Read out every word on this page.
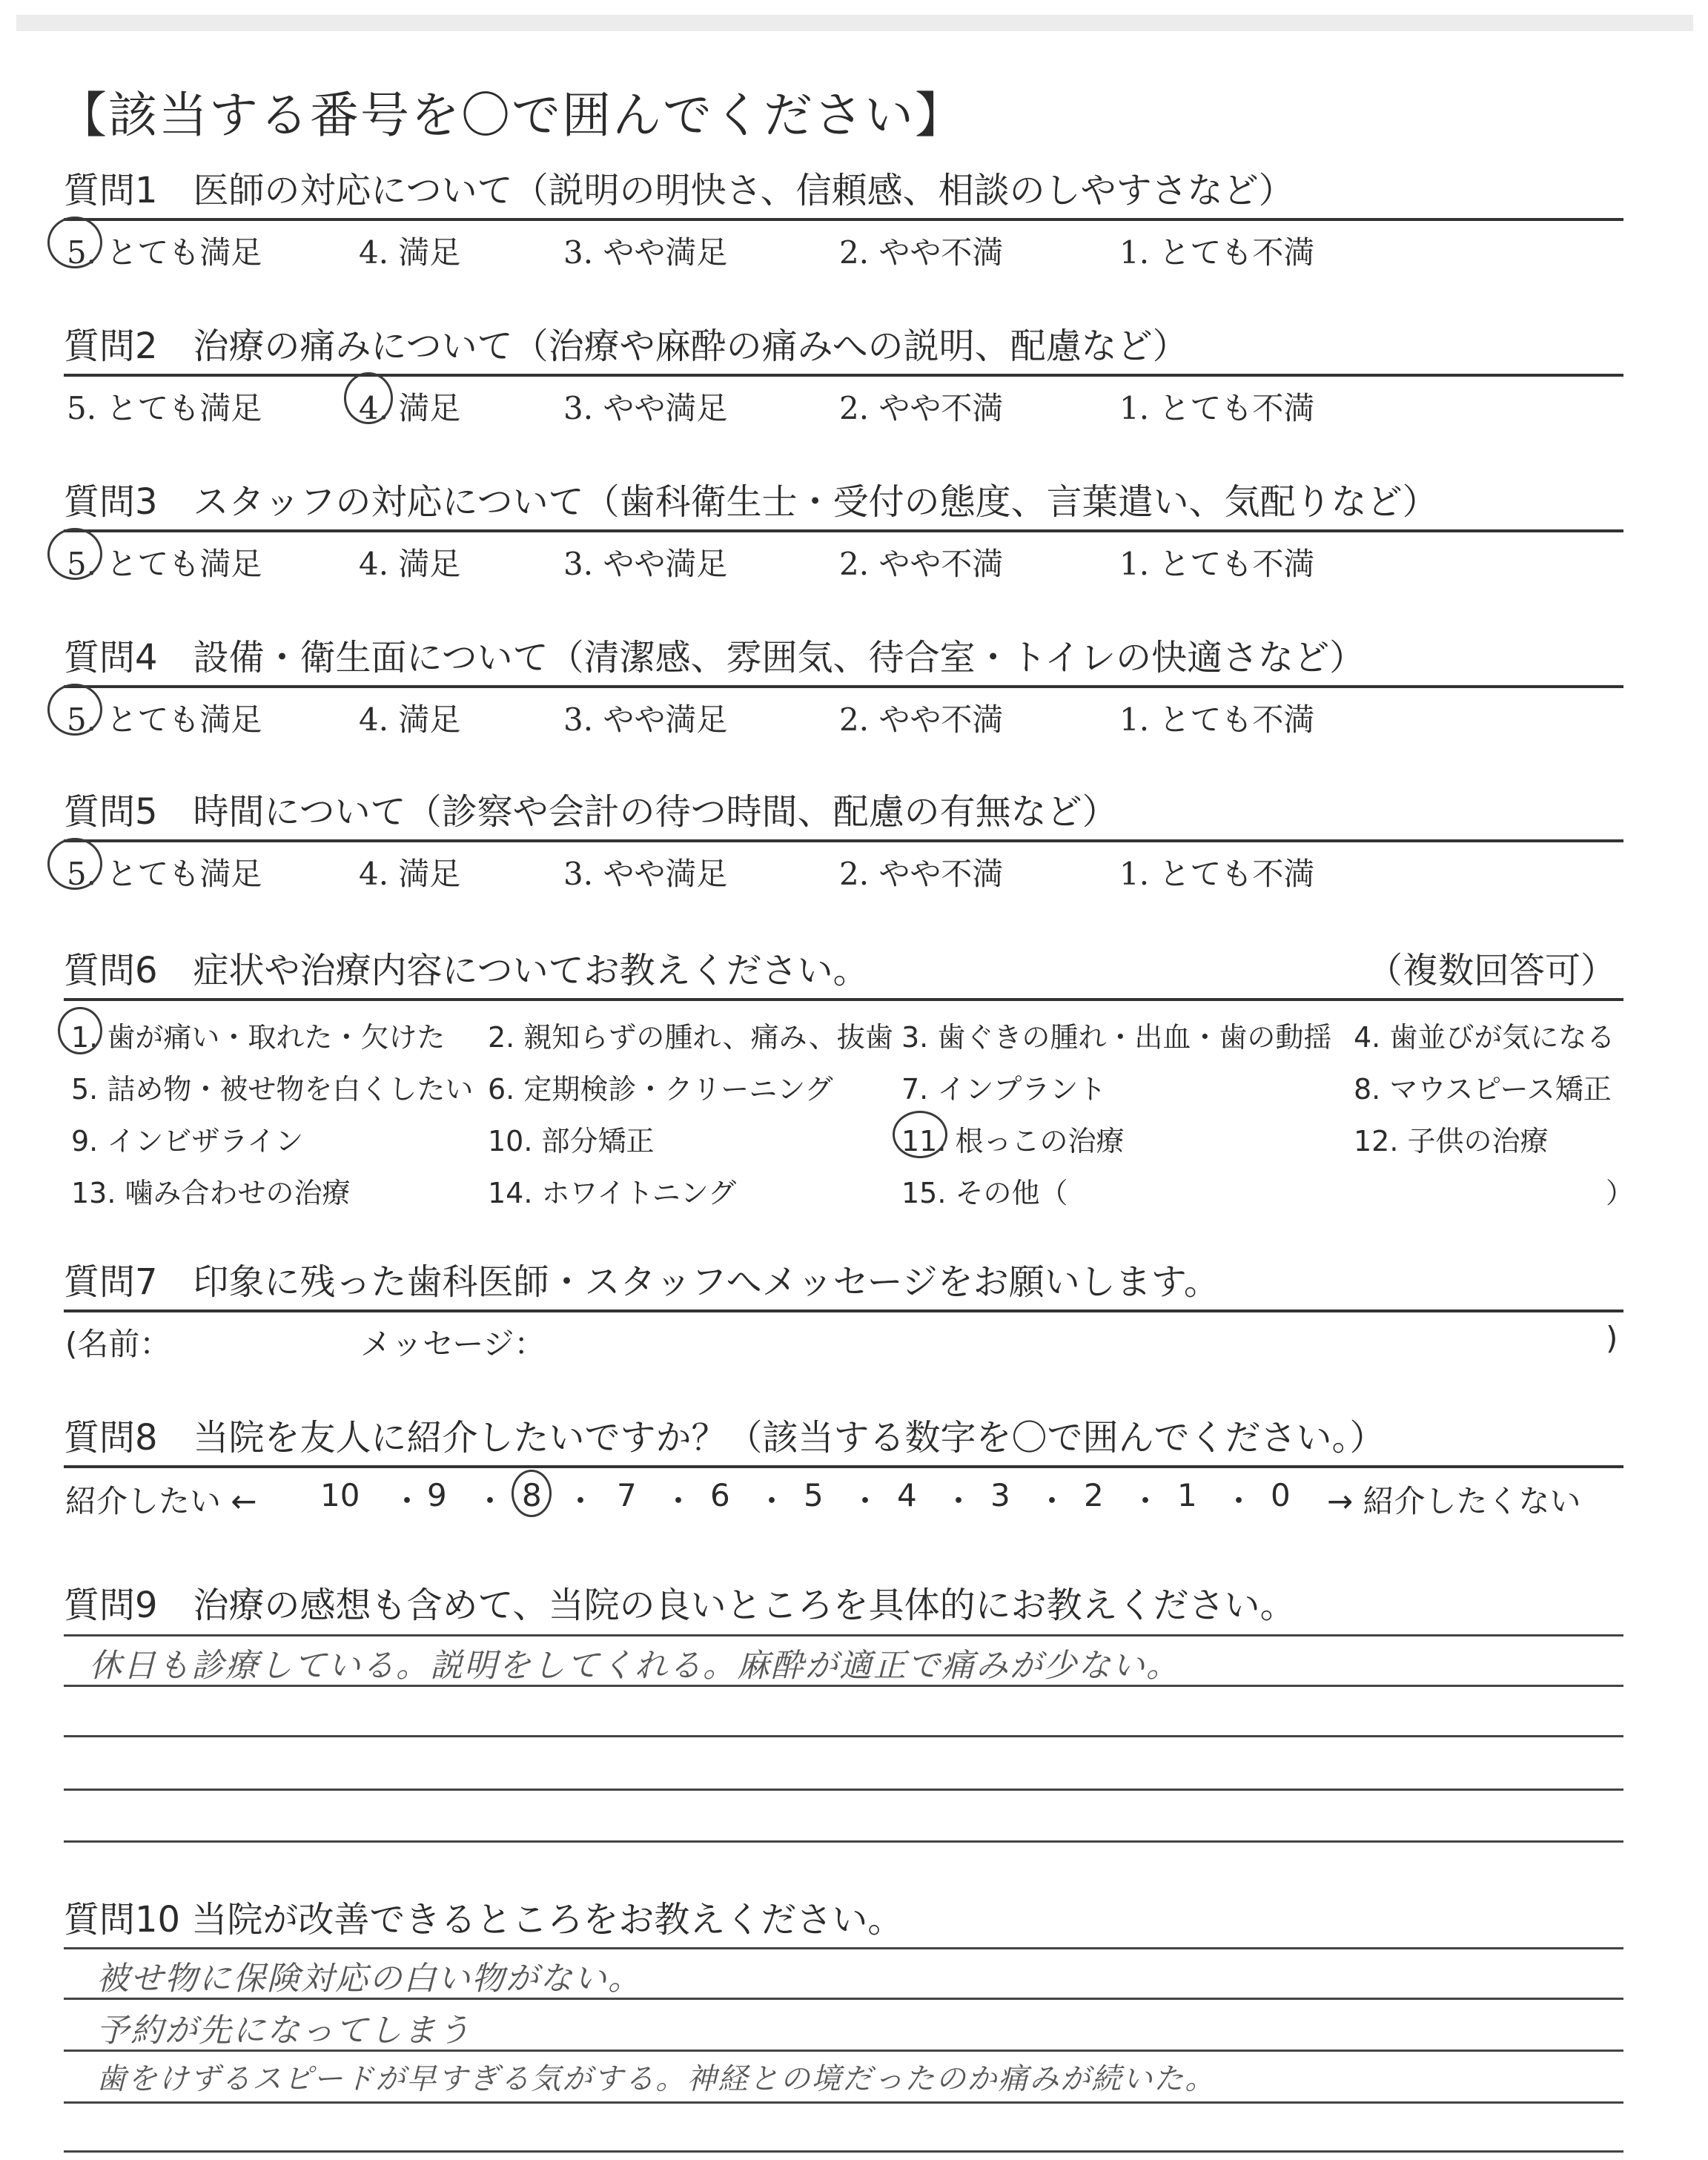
【該当する番号を〇で囲んでください】
質問1　医師の対応について（説明の明快さ、信頼感、相談のしやすさなど）
5. とても満足	4. 満足	3. やや満足	2. やや不満	1. とても不満
質問2　治療の痛みについて（治療や麻酔の痛みへの説明、配慮など）
5. とても満足	4. 満足	3. やや満足	2. やや不満	1. とても不満
質問3　スタッフの対応について（歯科衛生士・受付の態度、言葉遣い、気配りなど）
5. とても満足	4. 満足	3. やや満足	2. やや不満	1. とても不満
質問4　設備・衛生面について（清潔感、雰囲気、待合室・トイレの快適さなど）
5. とても満足	4. 満足	3. やや満足	2. やや不満	1. とても不満
質問5　時間について（診察や会計の待つ時間、配慮の有無など）
5. とても満足	4. 満足	3. やや満足	2. やや不満	1. とても不満
質問6　症状や治療内容についてお教えください。	（複数回答可）
1. 歯が痛い・取れた・欠けた 2. 親知らずの腫れ、痛み、抜歯 3. 歯ぐきの腫れ・出血・歯の動揺 4. 歯並びが気になる
5. 詰め物・被せ物を白くしたい 6. 定期検診・クリーニング 7. インプラント	8. マウスピース矯正
9. インビザライン	10. 部分矯正	11. 根っこの治療	12. 子供の治療
13. 噛み合わせの治療	14. ホワイトニング	15. その他（	）
質問7　印象に残った歯科医師・スタッフへメッセージをお願いします。
(名前：	メッセージ：	)
質問8　当院を友人に紹介したいですか？（該当する数字を〇で囲んでください。）
紹介したい ← 10 ・ 9 ・ 8 ・ 7 ・ 6 ・ 5 ・ 4 ・ 3 ・ 2 ・ 1 ・ 0 → 紹介したくない
質問9　治療の感想も含めて、当院の良いところを具体的にお教えください。
休日も診療している。説明をしてくれる。麻酔が適正で痛みが少ない。
質問10 当院が改善できるところをお教えください。
被せ物に保険対応の白い物がない。
予約が先になってしまう
歯をけずるスピードが早すぎる気がする。神経との境だったのか痛みが続いた。
